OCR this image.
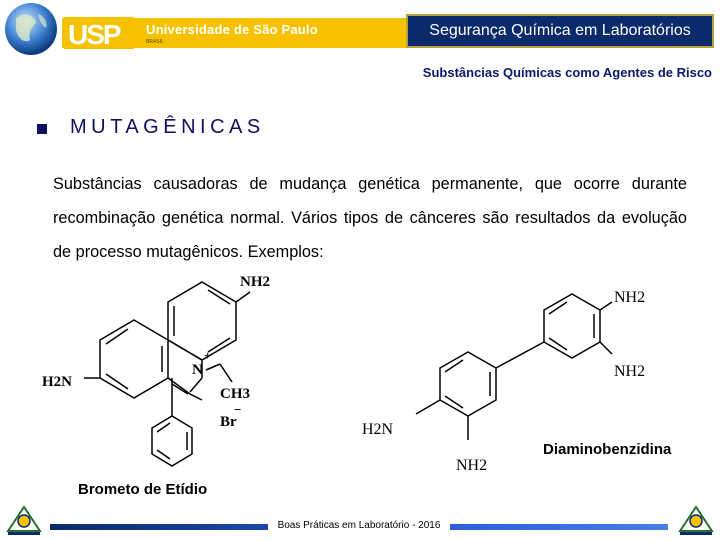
USP Universidade de São Paulo
BRASIL
Segurança Química em Laboratórios
Substâncias Químicas como Agentes de Risco
MUTAGÊNICAS
Substâncias causadoras de mudança genética permanente, que ocorre durante recombinação genética normal. Vários tipos de cânceres são resultados da evolução de processo mutagênicos. Exemplos:
NH2
H2N
N
+
CH3
Br
−
NH2
NH2
H2N
NH2
Diaminobenzidina
Brometo de Etídio
Boas Práticas em Laboratório - 2016
